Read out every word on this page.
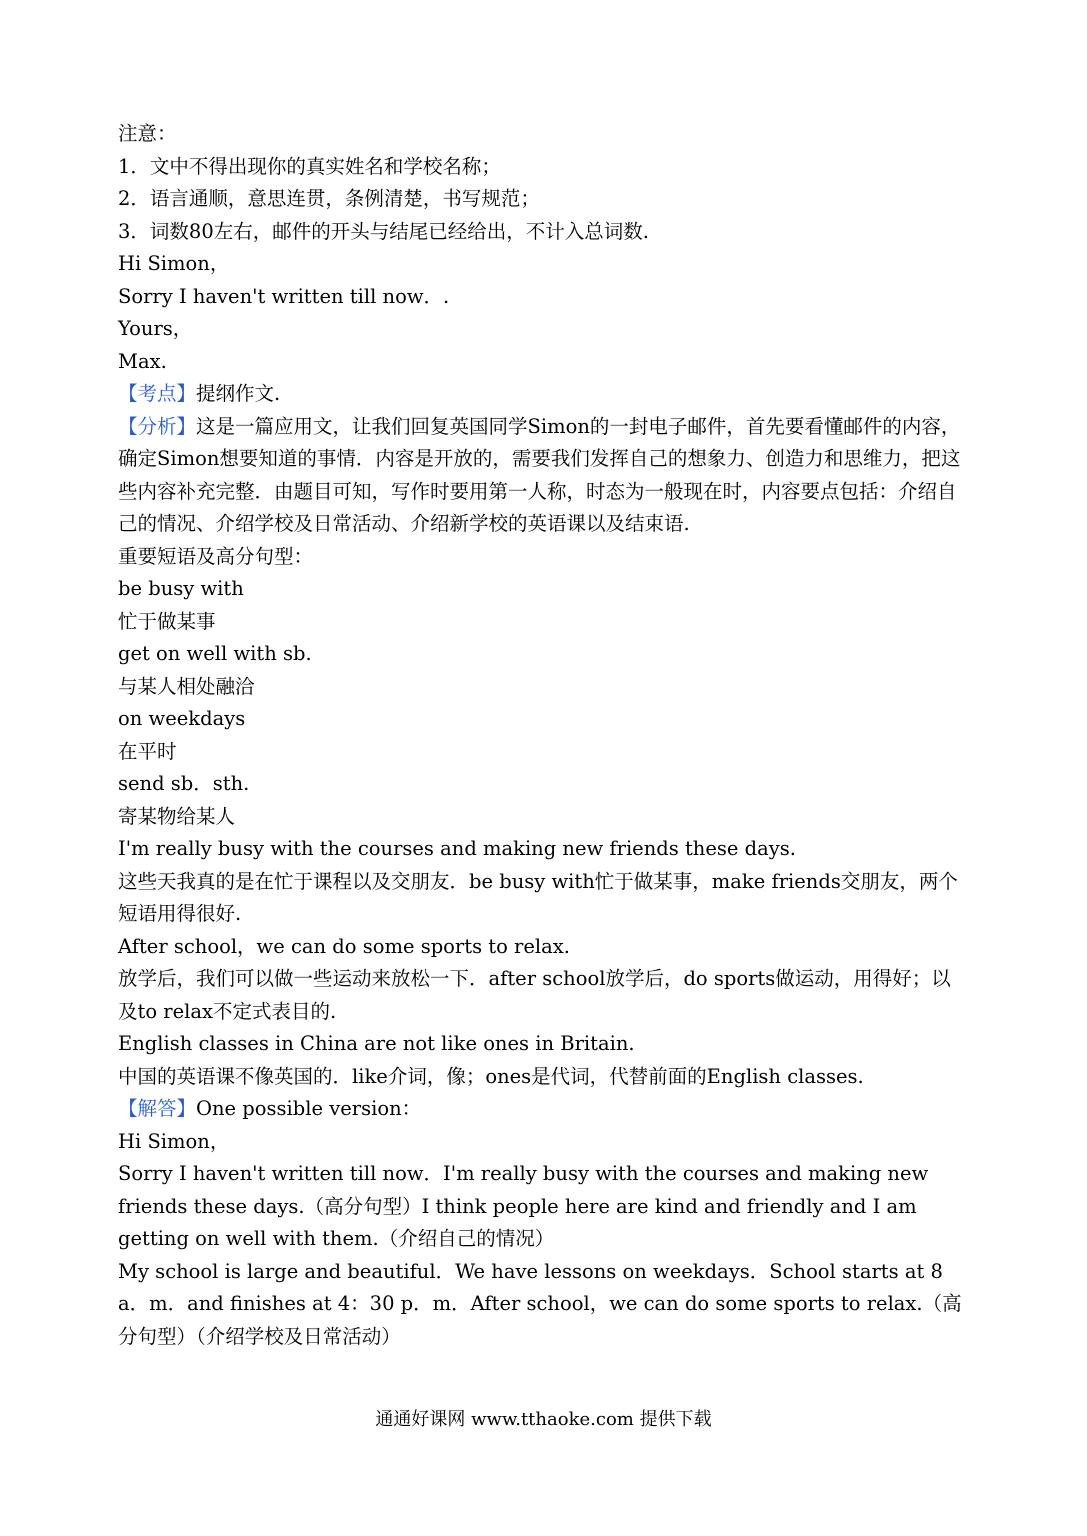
注意：

1．文中不得出现你的真实姓名和学校名称；

2．语言通顺，意思连贯，条例清楚，书写规范；

3．词数80左右，邮件的开头与结尾已经给出，不计入总词数.

Hi Simon，

Sorry I haven't written till now．.

Yours，

Max.

【考点】提纲作文.

【分析】这是一篇应用文，让我们回复英国同学Simon的一封电子邮件，首先要看懂邮件的内容，确定Simon想要知道的事情．内容是开放的，需要我们发挥自己的想象力、创造力和思维力，把这些内容补充完整．由题目可知，写作时要用第一人称，时态为一般现在时，内容要点包括：介绍自己的情况、介绍学校及日常活动、介绍新学校的英语课以及结束语.

重要短语及高分句型：

be busy with

忙于做某事

get on well with sb.

与某人相处融洽

on weekdays

在平时

send sb．sth.

寄某物给某人

I'm really busy with the courses and making new friends these days.

这些天我真的是在忙于课程以及交朋友．be busy with忙于做某事，make friends交朋友，两个短语用得很好.

After school，we can do some sports to relax.

放学后，我们可以做一些运动来放松一下．after school放学后，do sports做运动，用得好；以及to relax不定式表目的.

English classes in China are not like ones in Britain.

中国的英语课不像英国的．like介词，像；ones是代词，代替前面的English classes.

【解答】One possible version：

Hi Simon，

Sorry I haven't written till now．I'm really busy with the courses and making new friends these days.（高分句型）I think people here are kind and friendly and I am getting on well with them.（介绍自己的情况）

My school is large and beautiful．We have lessons on weekdays．School starts at 8 a．m．and finishes at 4：30 p．m．After school，we can do some sports to relax.（高分句型）（介绍学校及日常活动）

通通好课网 www.tthaoke.com 提供下载
